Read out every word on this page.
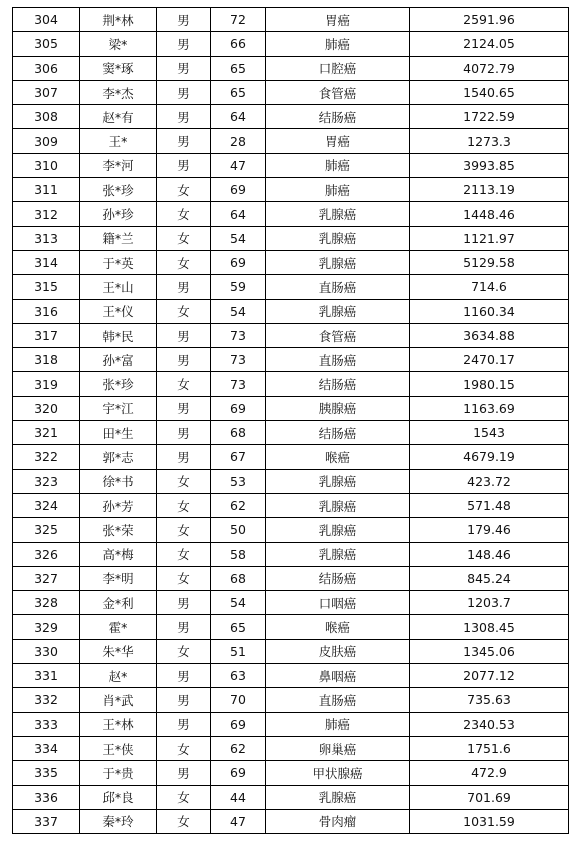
304	荆*林	男	72	胃癌	2591.96
305	梁*	男	66	肺癌	2124.05
306	窦*琢	男	65	口腔癌	4072.79
307	李*杰	男	65	食管癌	1540.65
308	赵*有	男	64	结肠癌	1722.59
309	王*	男	28	胃癌	1273.3
310	李*河	男	47	肺癌	3993.85
311	张*珍	女	69	肺癌	2113.19
312	孙*珍	女	64	乳腺癌	1448.46
313	籍*兰	女	54	乳腺癌	1121.97
314	于*英	女	69	乳腺癌	5129.58
315	王*山	男	59	直肠癌	714.6
316	王*仪	女	54	乳腺癌	1160.34
317	韩*民	男	73	食管癌	3634.88
318	孙*富	男	73	直肠癌	2470.17
319	张*珍	女	73	结肠癌	1980.15
320	宇*江	男	69	胰腺癌	1163.69
321	田*生	男	68	结肠癌	1543
322	郭*志	男	67	喉癌	4679.19
323	徐*书	女	53	乳腺癌	423.72
324	孙*芳	女	62	乳腺癌	571.48
325	张*荣	女	50	乳腺癌	179.46
326	高*梅	女	58	乳腺癌	148.46
327	李*明	女	68	结肠癌	845.24
328	金*利	男	54	口咽癌	1203.7
329	霍*	男	65	喉癌	1308.45
330	朱*华	女	51	皮肤癌	1345.06
331	赵*	男	63	鼻咽癌	2077.12
332	肖*武	男	70	直肠癌	735.63
333	王*林	男	69	肺癌	2340.53
334	王*侠	女	62	卵巢癌	1751.6
335	于*贵	男	69	甲状腺癌	472.9
336	邱*良	女	44	乳腺癌	701.69
337	秦*玲	女	47	骨肉瘤	1031.59
